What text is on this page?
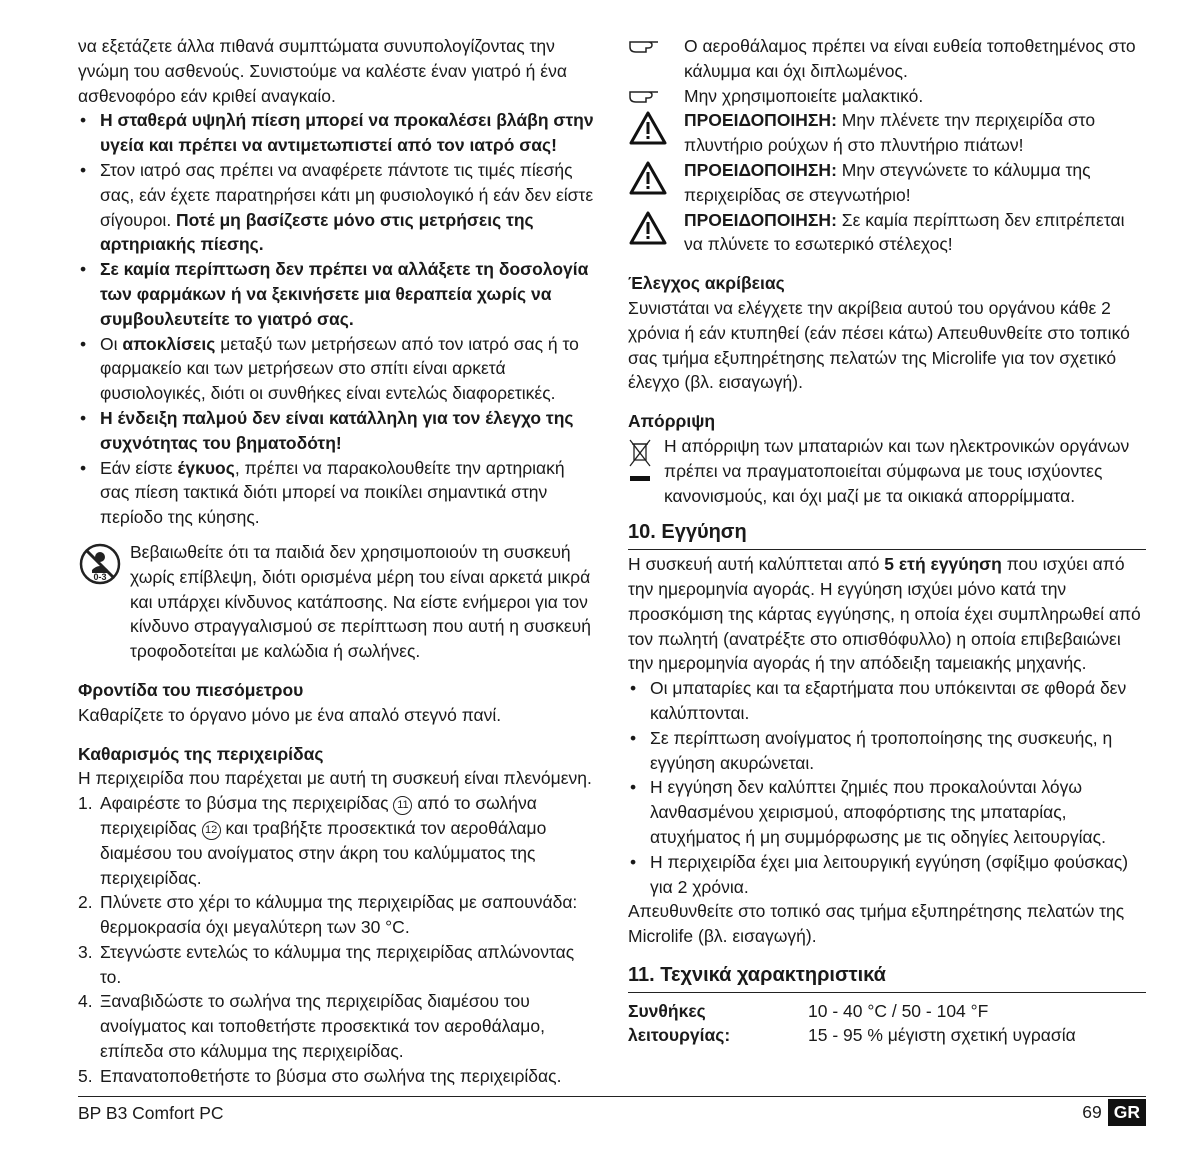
να εξετάζετε άλλα πιθανά συμπτώματα συνυπολογίζοντας την γνώμη του ασθενούς. Συνιστούμε να καλέστε έναν γιατρό ή ένα ασθενοφόρο εάν κριθεί αναγκαίο.

• Η σταθερά υψηλή πίεση μπορεί να προκαλέσει βλάβη στην υγεία και πρέπει να αντιμετωπιστεί από τον ιατρό σας!

• Στον ιατρό σας πρέπει να αναφέρετε πάντοτε τις τιμές πίεσής σας, εάν έχετε παρατηρήσει κάτι μη φυσιολογικό ή εάν δεν είστε σίγουροι. Ποτέ μη βασίζεστε μόνο στις μετρήσεις της αρτηριακής πίεσης.

• Σε καμία περίπτωση δεν πρέπει να αλλάξετε τη δοσολογία των φαρμάκων ή να ξεκινήσετε μια θεραπεία χωρίς να συμβουλευτείτε το γιατρό σας.

• Οι αποκλίσεις μεταξύ των μετρήσεων από τον ιατρό σας ή το φαρμακείο και των μετρήσεων στο σπίτι είναι αρκετά φυσιολογικές, διότι οι συνθήκες είναι εντελώς διαφορετικές.

• Η ένδειξη παλμού δεν είναι κατάλληλη για τον έλεγχο της συχνότητας του βηματοδότη!

• Εάν είστε έγκυος, πρέπει να παρακολουθείτε την αρτηριακή σας πίεση τακτικά διότι μπορεί να ποικίλει σημαντικά στην περίοδο της κύησης.

0-3

Βεβαιωθείτε ότι τα παιδιά δεν χρησιμοποιούν τη συσκευή χωρίς επίβλεψη, διότι ορισμένα μέρη του είναι αρκετά μικρά και υπάρχει κίνδυνος κατάποσης. Να είστε ενήμεροι για τον κίνδυνο στραγγαλισμού σε περίπτωση που αυτή η συσκευή τροφοδοτείται με καλώδια ή σωλήνες.

Φροντίδα του πιεσόμετρου

Καθαρίζετε το όργανο μόνο με ένα απαλό στεγνό πανί.

Καθαρισμός της περιχειρίδας

Η περιχειρίδα που παρέχεται με αυτή τη συσκευή είναι πλενόμενη.

1. Αφαιρέστε το βύσμα της περιχειρίδας 11 από το σωλήνα περιχειρίδας 12 και τραβήξτε προσεκτικά τον αεροθάλαμο διαμέσου του ανοίγματος στην άκρη του καλύμματος της περιχειρίδας.

2. Πλύνετε στο χέρι το κάλυμμα της περιχειρίδας με σαπουνάδα: θερμοκρασία όχι μεγαλύτερη των 30 °C.

3. Στεγνώστε εντελώς το κάλυμμα της περιχειρίδας απλώνοντας το.

4. Ξαναβιδώστε το σωλήνα της περιχειρίδας διαμέσου του ανοίγματος και τοποθετήστε προσεκτικά τον αεροθάλαμο, επίπεδα στο κάλυμμα της περιχειρίδας.

5. Επανατοποθετήστε το βύσμα στο σωλήνα της περιχειρίδας.

Ο αεροθάλαμος πρέπει να είναι ευθεία τοποθετημένος στο κάλυμμα και όχι διπλωμένος.

Μην χρησιμοποιείτε μαλακτικό.

ΠΡΟΕΙΔΟΠΟΙΗΣΗ: Μην πλένετε την περιχειρίδα στο πλυντήριο ρούχων ή στο πλυντήριο πιάτων!

ΠΡΟΕΙΔΟΠΟΙΗΣΗ: Μην στεγνώνετε το κάλυμμα της περιχειρίδας σε στεγνωτήριο!

ΠΡΟΕΙΔΟΠΟΙΗΣΗ: Σε καμία περίπτωση δεν επιτρέπεται να πλύνετε το εσωτερικό στέλεχος!

Έλεγχος ακρίβειας

Συνιστάται να ελέγχετε την ακρίβεια αυτού του οργάνου κάθε 2 χρόνια ή εάν κτυπηθεί (εάν πέσει κάτω) Απευθυνθείτε στο τοπικό σας τμήμα εξυπηρέτησης πελατών της Microlife για τον σχετικό έλεγχο (βλ. εισαγωγή).

Απόρριψη

Η απόρριψη των μπαταριών και των ηλεκτρονικών οργάνων πρέπει να πραγματοποιείται σύμφωνα με τους ισχύοντες κανονισμούς, και όχι μαζί με τα οικιακά απορρίμματα.

10. Εγγύηση

Η συσκευή αυτή καλύπτεται από 5 ετή εγγύηση που ισχύει από την ημερομηνία αγοράς. Η εγγύηση ισχύει μόνο κατά την προσκόμιση της κάρτας εγγύησης, η οποία έχει συμπληρωθεί από τον πωλητή (ανατρέξτε στο οπισθόφυλλο) η οποία επιβεβαιώνει την ημερομηνία αγοράς ή την απόδειξη ταμειακής μηχανής.

• Οι μπαταρίες και τα εξαρτήματα που υπόκεινται σε φθορά δεν καλύπτονται.

• Σε περίπτωση ανοίγματος ή τροποποίησης της συσκευής, η εγγύηση ακυρώνεται.

• Η εγγύηση δεν καλύπτει ζημιές που προκαλούνται λόγω λανθασμένου χειρισμού, αποφόρτισης της μπαταρίας, ατυχήματος ή μη συμμόρφωσης με τις οδηγίες λειτουργίας.

• Η περιχειρίδα έχει μια λειτουργική εγγύηση (σφίξιμο φούσκας) για 2 χρόνια.

Απευθυνθείτε στο τοπικό σας τμήμα εξυπηρέτησης πελατών της Microlife (βλ. εισαγωγή).

11. Τεχνικά χαρακτηριστικά

Συνθήκες λειτουργίας:	
10 - 40 °C / 50 - 104 °F
15 - 95 % μέγιστη σχετική υγρασία
BP B3 Comfort PC	69 GR
